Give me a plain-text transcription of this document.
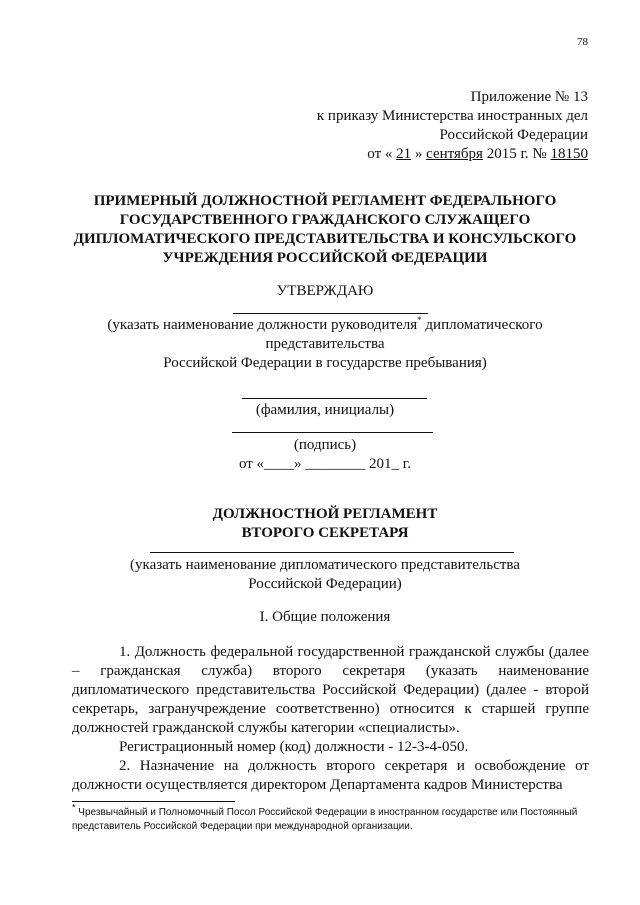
78
Приложение № 13
к приказу Министерства иностранных дел
Российской Федерации
от « 21 » сентября 2015 г. № 18150
ПРИМЕРНЫЙ ДОЛЖНОСТНОЙ РЕГЛАМЕНТ ФЕДЕРАЛЬНОГО
ГОСУДАРСТВЕННОГО ГРАЖДАНСКОГО СЛУЖАЩЕГО
ДИПЛОМАТИЧЕСКОГО ПРЕДСТАВИТЕЛЬСТВА И КОНСУЛЬСКОГО
УЧРЕЖДЕНИЯ РОССИЙСКОЙ ФЕДЕРАЦИИ
УТВЕРЖДАЮ
(указать наименование должности руководителя* дипломатического
представительства
Российской Федерации в государстве пребывания)
(фамилия, инициалы)
(подпись)
от «____» ________ 201_ г.
ДОЛЖНОСТНОЙ РЕГЛАМЕНТ
ВТОРОГО СЕКРЕТАРЯ
(указать наименование дипломатического представительства
Российской Федерации)
I. Общие положения
1. Должность федеральной государственной гражданской службы (далее – гражданская служба) второго секретаря (указать наименование дипломатического представительства Российской Федерации) (далее - второй секретарь, загранучреждение соответственно) относится к старшей группе должностей гражданской службы категории «специалисты».
Регистрационный номер (код) должности - 12-3-4-050.
2. Назначение на должность второго секретаря и освобождение от должности осуществляется директором Департамента кадров Министерства
* Чрезвычайный и Полномочный Посол Российской Федерации в иностранном государстве или Постоянный представитель Российской Федерации при международной организации.
